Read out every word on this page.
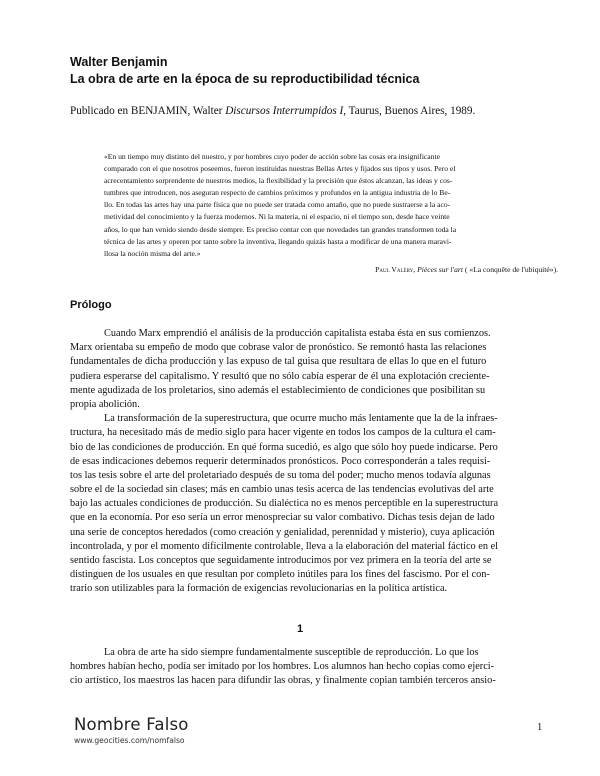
Walter Benjamin
La obra de arte en la época de su reproductibilidad técnica
Publicado en BENJAMIN, Walter Discursos Interrumpidos I, Taurus, Buenos Aires, 1989.
«En un tiempo muy distinto del nuestro, y por hombres cuyo poder de acción sobre las cosas era insignificante
comparado con el que nosotros poseemos, fueron instituidas nuestras Bellas Artes y fijados sus tipos y usos. Pero el
acrecentamiento sorprendente de nuestros medios, la flexibilidad y la precisión que éstos alcanzan, las ideas y cos-
tumbres que introducen, nos aseguran respecto de cambios próximos y profundos en la antigua industria de lo Be-
llo. En todas las artes hay una parte física que no puede ser tratada como antaño, que no puede sustraerse a la aco-
metividad del conocimiento y la fuerza modernos. Ni la materia, ni el espacio, ni el tiempo son, desde hace veinte
años, lo que han venido siendo desde siempre. Es preciso contar con que novedades tan grandes transformen toda la
técnica de las artes y operen por tanto sobre la inventiva, llegando quizás hasta a modificar de una manera maravi-
llosa la noción misma del arte.»
Paul Valéry, Pièces sur l'art ( «La conquête de l'ubiquité»).
Prólogo
Cuando Marx emprendió el análisis de la producción capitalista estaba ésta en sus comienzos.
Marx orientaba su empeño de modo que cobrase valor de pronóstico. Se remontó hasta las relaciones
fundamentales de dicha producción y las expuso de tal guisa que resultara de ellas lo que en el futuro
pudiera esperarse del capitalismo. Y resultó que no sólo cabía esperar de él una explotación creciente-
mente agudizada de los proletarios, sino además el establecimiento de condiciones que posibilitan su
propia abolición.
La transformación de la superestructura, que ocurre mucho más lentamente que la de la infraes-
tructura, ha necesitado más de medio siglo para hacer vigente en todos los campos de la cultura el cam-
bio de las condiciones de producción. En qué forma sucedió, es algo que sólo hoy puede indicarse. Pero
de esas indicaciones debemos requerir determinados pronósticos. Poco corresponderán a tales requisi-
tos las tesis sobre el arte del proletariado después de su toma del poder; mucho menos todavía algunas
sobre el de la sociedad sin clases; más en cambio unas tesis acerca de las tendencias evolutivas del arte
bajo las actuales condiciones de producción. Su dialéctica no es menos perceptible en la superestructura
que en la economía. Por eso sería un error menospreciar su valor combativo. Dichas tesis dejan de lado
una serie de conceptos heredados (como creación y genialidad, perennidad y misterio), cuya aplicación
incontrolada, y por el momento difícilmente controlable, lleva a la elaboración del material fáctico en el
sentido fascista. Los conceptos que seguidamente introducimos por vez primera en la teoría del arte se
distinguen de los usuales en que resultan por completo inútiles para los fines del fascismo. Por el con-
trario son utilizables para la formación de exigencias revolucionarias en la política artística.
1
La obra de arte ha sido siempre fundamentalmente susceptible de reproducción. Lo que los
hombres habían hecho, podía ser imitado por los hombres. Los alumnos han hecho copias como ejerci-
cio artístico, los maestros las hacen para difundir las obras, y finalmente copian también terceros ansio-
Nombre Falso
www.geocities.com/nomfalso
1
